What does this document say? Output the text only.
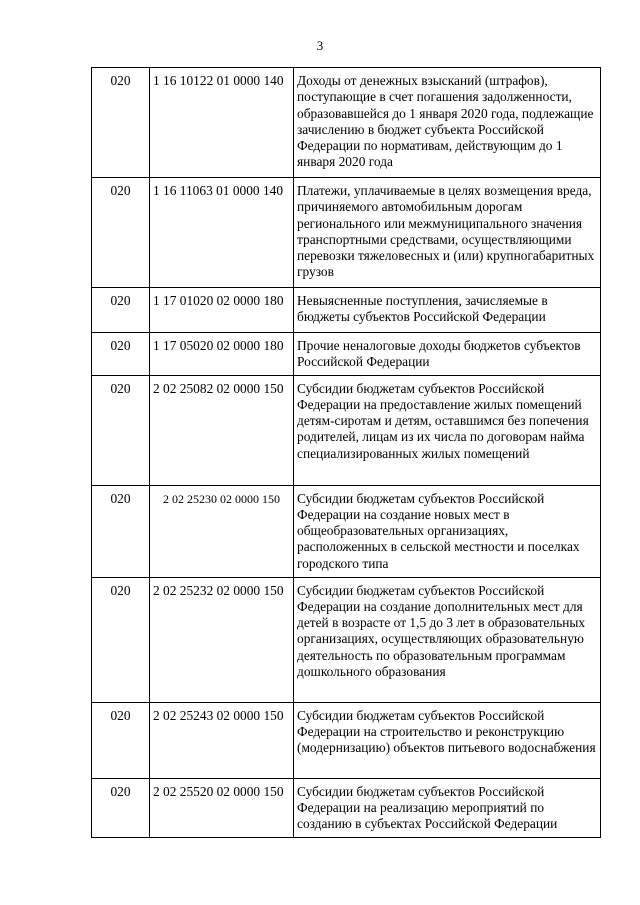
3
020	1 16 10122 01 0000 140	Доходы от денежных взысканий (штрафов), поступающие в счет погашения задолженности, образовавшейся до 1 января 2020 года, подлежащие зачислению в бюджет субъекта Российской Федерации по нормативам, действующим до 1 января 2020 года
020	1 16 11063 01 0000 140	Платежи, уплачиваемые в целях возмещения вреда, причиняемого автомобильным дорогам регионального или межмуниципального значения транспортными средствами, осуществляющими перевозки тяжеловесных и (или) крупногабаритных грузов
020	1 17 01020 02 0000 180	Невыясненные поступления, зачисляемые в бюджеты субъектов Российской Федерации
020	1 17 05020 02 0000 180	Прочие неналоговые доходы бюджетов субъектов Российской Федерации
020	2 02 25082 02 0000 150	Субсидии бюджетам субъектов Российской Федерации на предоставление жилых помещений детям-сиротам и детям, оставшимся без попечения родителей, лицам из их числа по договорам найма специализированных жилых помещений
020	2 02 25230 02 0000 150	Субсидии бюджетам субъектов Российской Федерации на создание новых мест в общеобразовательных организациях, расположенных в сельской местности и поселках городского типа
020	2 02 25232 02 0000 150	Субсидии бюджетам субъектов Российской Федерации на создание дополнительных мест для детей в возрасте от 1,5 до 3 лет в образовательных организациях, осуществляющих образовательную деятельность по образовательным программам дошкольного образования
020	2 02 25243 02 0000 150	Субсидии бюджетам субъектов Российской Федерации на строительство и реконструкцию (модернизацию) объектов питьевого водоснабжения
020	2 02 25520 02 0000 150	Субсидии бюджетам субъектов Российской Федерации на реализацию мероприятий по созданию в субъектах Российской Федерации
